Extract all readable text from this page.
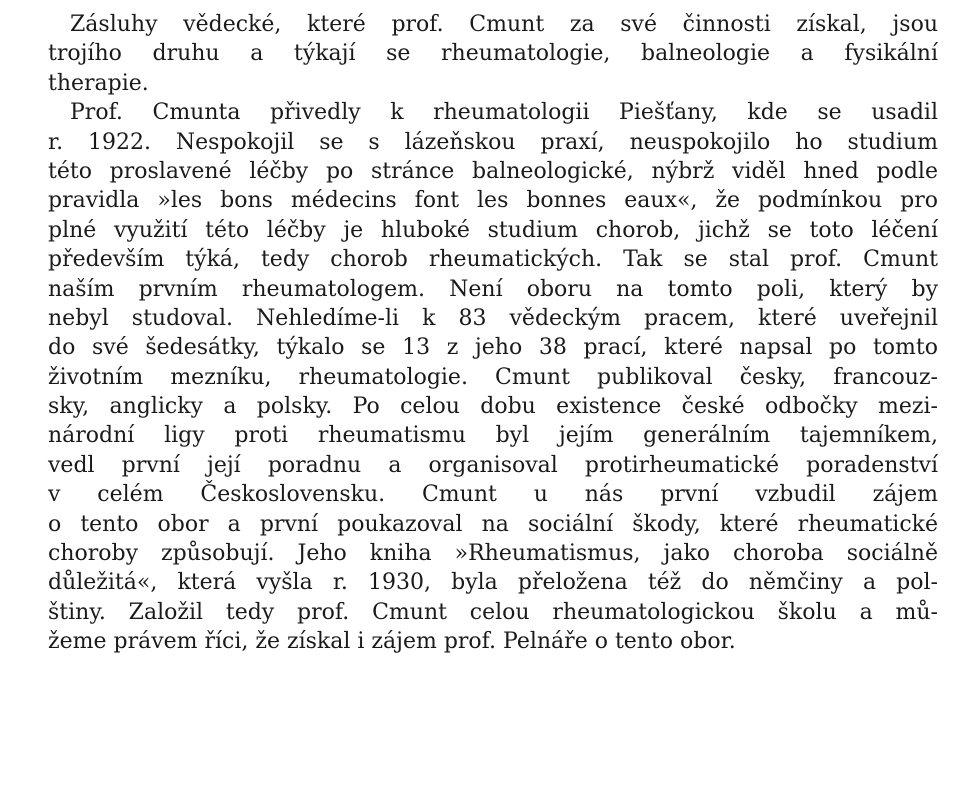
Zásluhy vědecké, které prof. Cmunt za své činnosti získal, jsou
trojího druhu a týkají se rheumatologie, balneologie a fysikální
therapie.
Prof. Cmunta přivedly k rheumatologii Piešťany, kde se usadil
r. 1922. Nespokojil se s lázeňskou praxí, neuspokojilo ho studium
této proslavené léčby po stránce balneologické, nýbrž viděl hned podle
pravidla »les bons médecins font les bonnes eaux«, že podmínkou pro
plné využití této léčby je hluboké studium chorob, jichž se toto léčení
především týká, tedy chorob rheumatických. Tak se stal prof. Cmunt
naším prvním rheumatologem. Není oboru na tomto poli, který by
nebyl studoval. Nehledíme-li k 83 vědeckým pracem, které uveřejnil
do své šedesátky, týkalo se 13 z jeho 38 prací, které napsal po tomto
životním mezníku, rheumatologie. Cmunt publikoval česky, francouz-
sky, anglicky a polsky. Po celou dobu existence české odbočky mezi-
národní ligy proti rheumatismu byl jejím generálním tajemníkem,
vedl první její poradnu a organisoval protirheumatické poradenství
v celém Československu. Cmunt u nás první vzbudil zájem
o tento obor a první poukazoval na sociální škody, které rheumatické
choroby způsobují. Jeho kniha »Rheumatismus, jako choroba sociálně
důležitá«, která vyšla r. 1930, byla přeložena též do němčiny a pol-
štiny. Založil tedy prof. Cmunt celou rheumatologickou školu a mů-
žeme právem říci, že získal i zájem prof. Pelnáře o tento obor.
